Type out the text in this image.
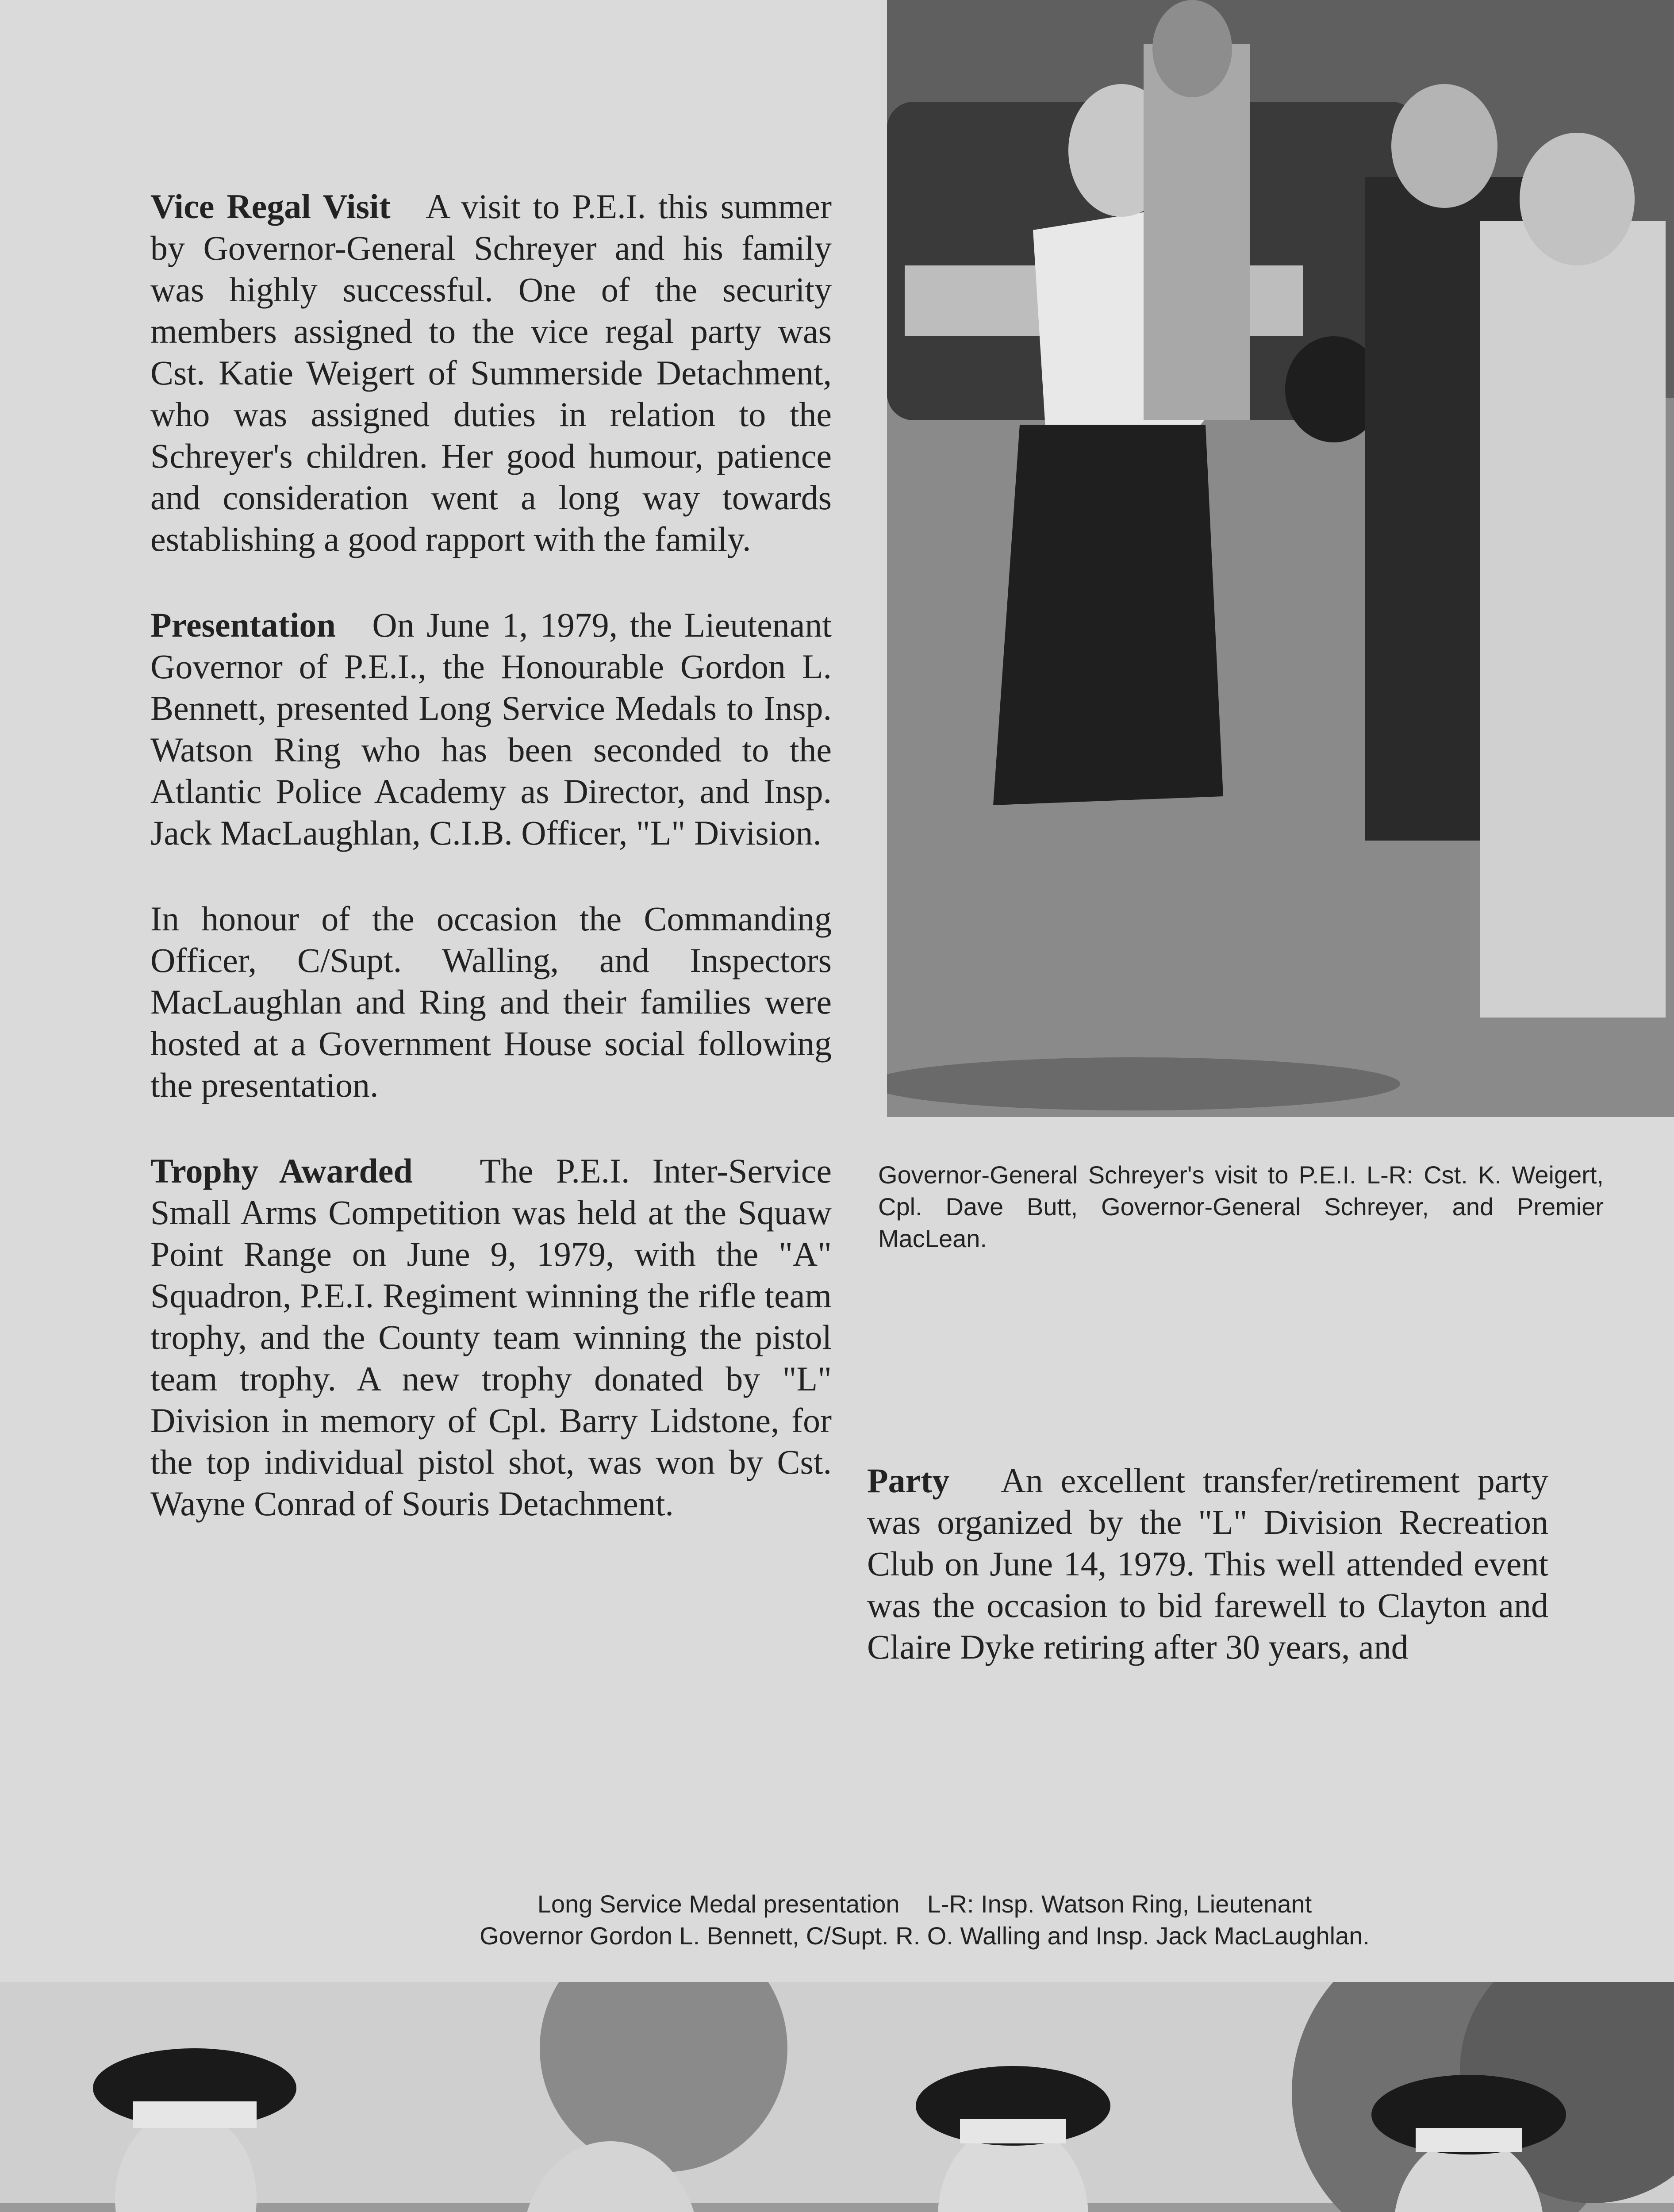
Vice Regal Visit A visit to P.E.I. this summer by Governor-General Schreyer and his family was highly successful. One of the security members assigned to the vice regal party was Cst. Katie Weigert of Summerside Detachment, who was assigned duties in relation to the Schreyer's children. Her good humour, patience and consideration went a long way towards establishing a good rapport with the family.

Presentation On June 1, 1979, the Lieutenant Governor of P.E.I., the Honourable Gordon L. Bennett, presented Long Service Medals to Insp. Watson Ring who has been seconded to the Atlantic Police Academy as Director, and Insp. Jack MacLaughlan, C.I.B. Officer, "L" Division.

In honour of the occasion the Commanding Officer, C/Supt. Walling, and Inspectors MacLaughlan and Ring and their families were hosted at a Government House social following the presentation.

Trophy Awarded The P.E.I. Inter-Service Small Arms Competition was held at the Squaw Point Range on June 9, 1979, with the "A" Squadron, P.E.I. Regiment winning the rifle team trophy, and the County team winning the pistol team trophy. A new trophy donated by "L" Division in memory of Cpl. Barry Lidstone, for the top individual pistol shot, was won by Cst. Wayne Conrad of Souris Detachment.

Governor-General Schreyer's visit to P.E.I. L-R: Cst. K. Weigert, Cpl. Dave Butt, Governor-General Schreyer, and Premier MacLean.

Party An excellent transfer/retirement party was organized by the "L" Division Recreation Club on June 14, 1979. This well attended event was the occasion to bid farewell to Clayton and Claire Dyke retiring after 30 years, and

Long Service Medal presentation    L-R: Insp. Watson Ring, Lieutenant
Governor Gordon L. Bennett, C/Supt. R. O. Walling and Insp. Jack MacLaughlan.
